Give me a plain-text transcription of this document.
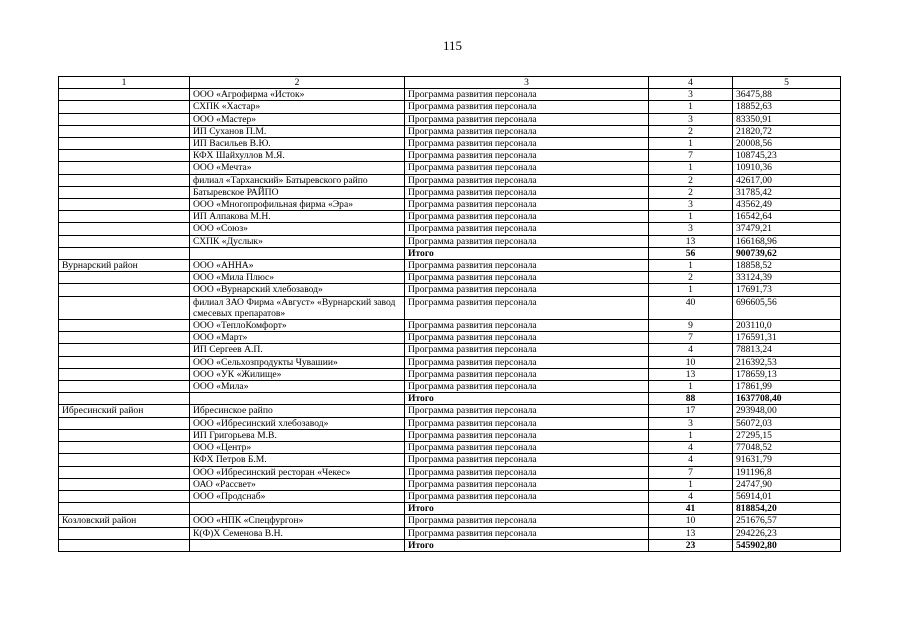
115
1	2	3	4	5
	ООО «Агрофирма «Исток»	Программа развития персонала	3	36475,88
	СХПК «Хастар»	Программа развития персонала	1	18852,63
	ООО «Мастер»	Программа развития персонала	3	83350,91
	ИП Суханов П.М.	Программа развития персонала	2	21820,72
	ИП Васильев В.Ю.	Программа развития персонала	1	20008,56
	КФХ Шайхуллов М.Я.	Программа развития персонала	7	108745,23
	ООО «Мечта»	Программа развития персонала	1	10910,36
	филиал «Тарханский» Батыревского райпо	Программа развития персонала	2	42617,00
	Батыревское РАЙПО	Программа развития персонала	2	31785,42
	ООО «Многопрофильная фирма «Эра»	Программа развития персонала	3	43562,49
	ИП Алпакова М.Н.	Программа развития персонала	1	16542,64
	ООО «Союз»	Программа развития персонала	3	37479,21
	СХПК «Дуслык»	Программа развития персонала	13	166168,96
		Итого	56	900739,62
Вурнарский район	ООО «АННА»	Программа развития персонала	1	18858,52
	ООО «Мила Плюс»	Программа развития персонала	2	33124,39
	ООО «Вурнарский хлебозавод»	Программа развития персонала	1	17691,73
	филиал ЗАО Фирма «Август» «Вурнарский завод смесевых препаратов»	Программа развития персонала	40	696605,56
	ООО «ТеплоКомфорт»	Программа развития персонала	9	203110,0
	ООО «Март»	Программа развития персонала	7	176591,31
	ИП Сергеев А.П.	Программа развития персонала	4	78813,24
	ООО «Сельхозпродукты Чувашии»	Программа развития персонала	10	216392,53
	ООО «УК «Жилище»	Программа развития персонала	13	178659,13
	ООО «Мила»	Программа развития персонала	1	17861,99
		Итого	88	1637708,40
Ибресинский район	Ибресинское райпо	Программа развития персонала	17	293948,00
	ООО «Ибресинский хлебозавод»	Программа развития персонала	3	56072,03
	ИП Григорьева М.В.	Программа развития персонала	1	27295,15
	ООО «Центр»	Программа развития персонала	4	77048,52
	КФХ Петров Б.М.	Программа развития персонала	4	91631,79
	ООО «Ибресинский ресторан «Чекес»	Программа развития персонала	7	191196,8
	ОАО «Рассвет»	Программа развития персонала	1	24747,90
	ООО «Продснаб»	Программа развития персонала	4	56914,01
		Итого	41	818854,20
Козловский район	ООО «НПК «Спецфургон»	Программа развития персонала	10	251676,57
	К(Ф)Х Семенова В.Н.	Программа развития персонала	13	294226,23
		Итого	23	545902,80
